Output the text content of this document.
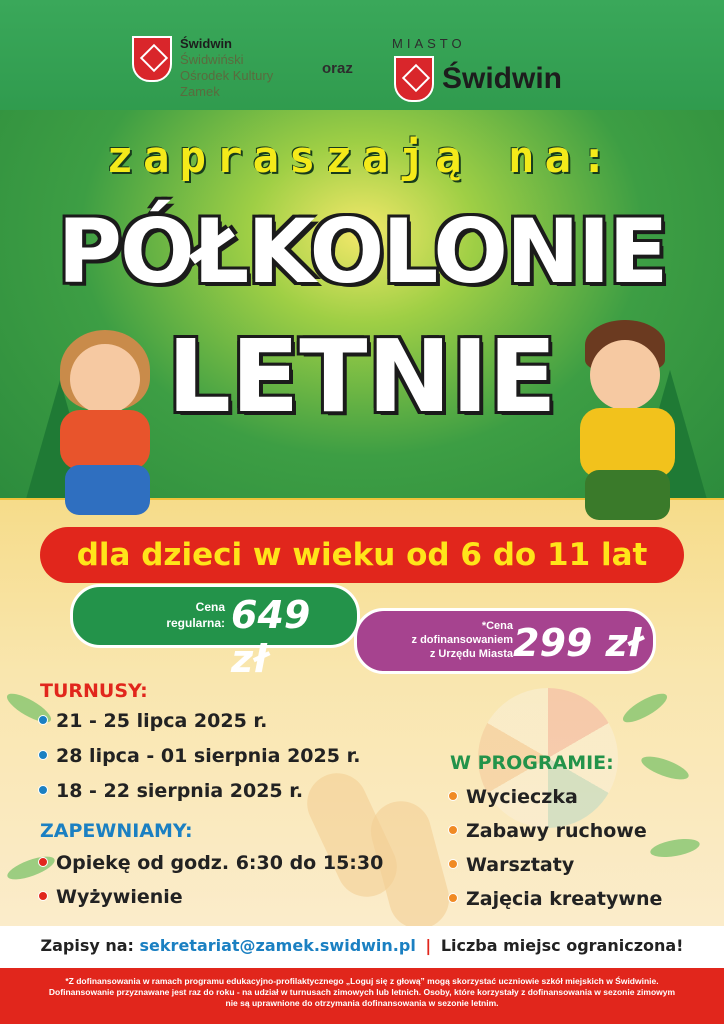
Świdwin
Świdwiński
Ośrodek Kultury
Zamek
oraz
MIASTO
Świdwin
zapraszają na:
PÓŁKOLONIE
LETNIE
dla dzieci w wieku od 6 do 11 lat
Cena
regularna: 649 zł
*Cena
z dofinansowaniem
z Urzędu Miasta 299 zł
TURNUSY:
21 - 25 lipca 2025 r.
28 lipca - 01 sierpnia 2025 r.
18 - 22 sierpnia 2025 r.
ZAPEWNIAMY:
Opiekę od godz. 6:30 do 15:30
Wyżywienie
W PROGRAMIE:
Wycieczka
Zabawy ruchowe
Warsztaty
Zajęcia kreatywne
Zapisy na: sekretariat@zamek.swidwin.pl | Liczba miejsc ograniczona!
*Z dofinansowania w ramach programu edukacyjno-profilaktycznego „Loguj się z głową” mogą skorzystać uczniowie szkół miejskich w Świdwinie.
Dofinansowanie przyznawane jest raz do roku - na udział w turnusach zimowych lub letnich. Osoby, które korzystały z dofinansowania w sezonie zimowym
nie są uprawnione do otrzymania dofinansowania w sezonie letnim.
